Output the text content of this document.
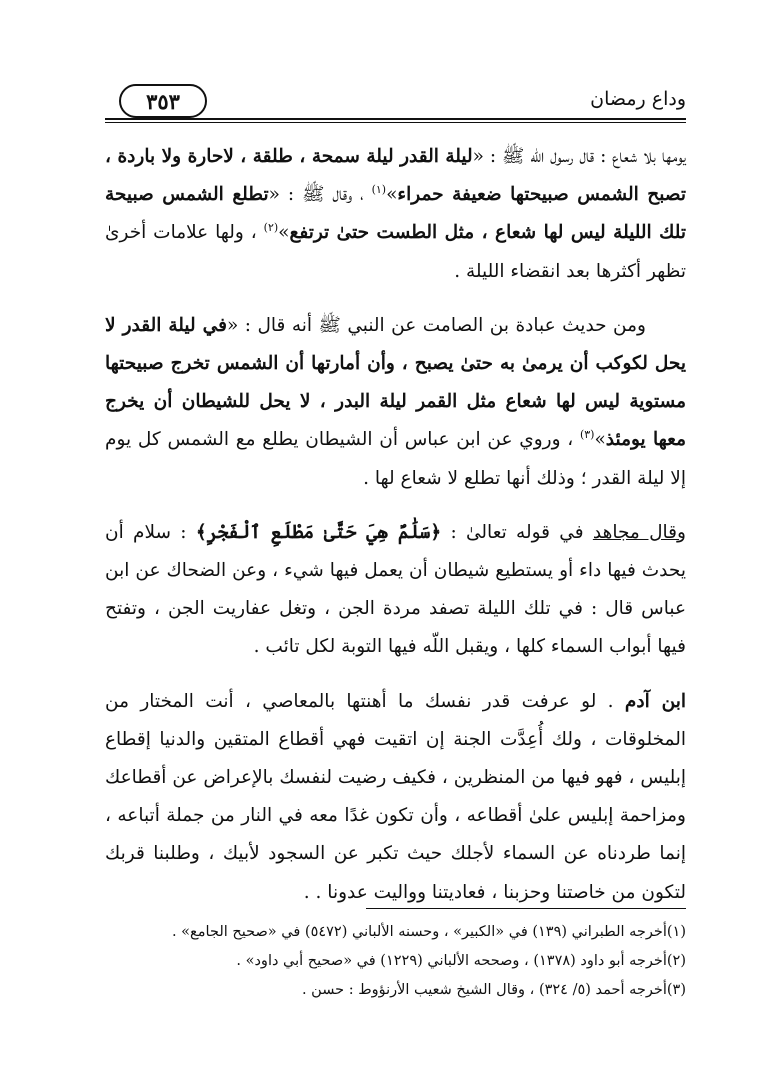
٣٥٣	وداع رمضان

يومها بلا شعاع : قال رسول اللّه ﷺ : «ليلة القدر ليلة سمحة ، طلقة ، لاحارة ولا باردة ، تصبح الشمس صبيحتها ضعيفة حمراء»$^{(١)}$ ، وقال ﷺ : «تطلع الشمس صبيحة تلك الليلة ليس لها شعاع ، مثل الطست حتىٰ ترتفع»$^{(٢)}$ ، ولها علامات أخرىٰ تظهر أكثرها بعد انقضاء الليلة .

ومن حديث عبادة بن الصامت عن النبي ﷺ أنه قال : «في ليلة القدر لا يحل لكوكب أن يرمىٰ به حتىٰ يصبح ، وأن أمارتها أن الشمس تخرج صبيحتها مستوية ليس لها شعاع مثل القمر ليلة البدر ، لا يحل للشيطان أن يخرج معها يومئذ»$^{(٣)}$ ، وروي عن ابن عباس أن الشيطان يطلع مع الشمس كل يوم إلا ليلة القدر ؛ وذلك أنها تطلع لا شعاع لها .

وقال مجاهد في قوله تعالىٰ : ﴿سَلَٰمٌ هِيَ حَتَّىٰ مَطْلَعِ ٱلْفَجْرِ﴾ : سلام أن يحدث فيها داء أو يستطيع شيطان أن يعمل فيها شيء ، وعن الضحاك عن ابن عباس قال : في تلك الليلة تصفد مردة الجن ، وتغل عفاريت الجن ، وتفتح فيها أبواب السماء كلها ، ويقبل اللّه فيها التوبة لكل تائب .

ابن آدم . لو عرفت قدر نفسك ما أهنتها بالمعاصي ، أنت المختار من المخلوقات ، ولك أُعِدَّت الجنة إن اتقيت فهي أقطاع المتقين والدنيا إقطاع إبليس ، فهو فيها من المنظرين ، فكيف رضيت لنفسك بالإعراض عن أقطاعك ومزاحمة إبليس علىٰ أقطاعه ، وأن تكون غدًا معه في النار من جملة أتباعه ، إنما طردناه عن السماء لأجلك حيث تكبر عن السجود لأبيك ، وطلبنا قربك لتكون من خاصتنا وحزبنا ، فعاديتنا وواليت عدونا . .

(١)أخرجه الطبراني (١٣٩) في «الكبير» ، وحسنه الألباني (٥٤٧٢) في «صحيح الجامع» .

(٢)أخرجه أبو داود (١٣٧٨) ، وصححه الألباني (١٢٢٩) في «صحيح أبي داود» .

(٣)أخرجه أحمد (٥/ ٣٢٤) ، وقال الشيخ شعيب الأرنؤوط : حسن .
